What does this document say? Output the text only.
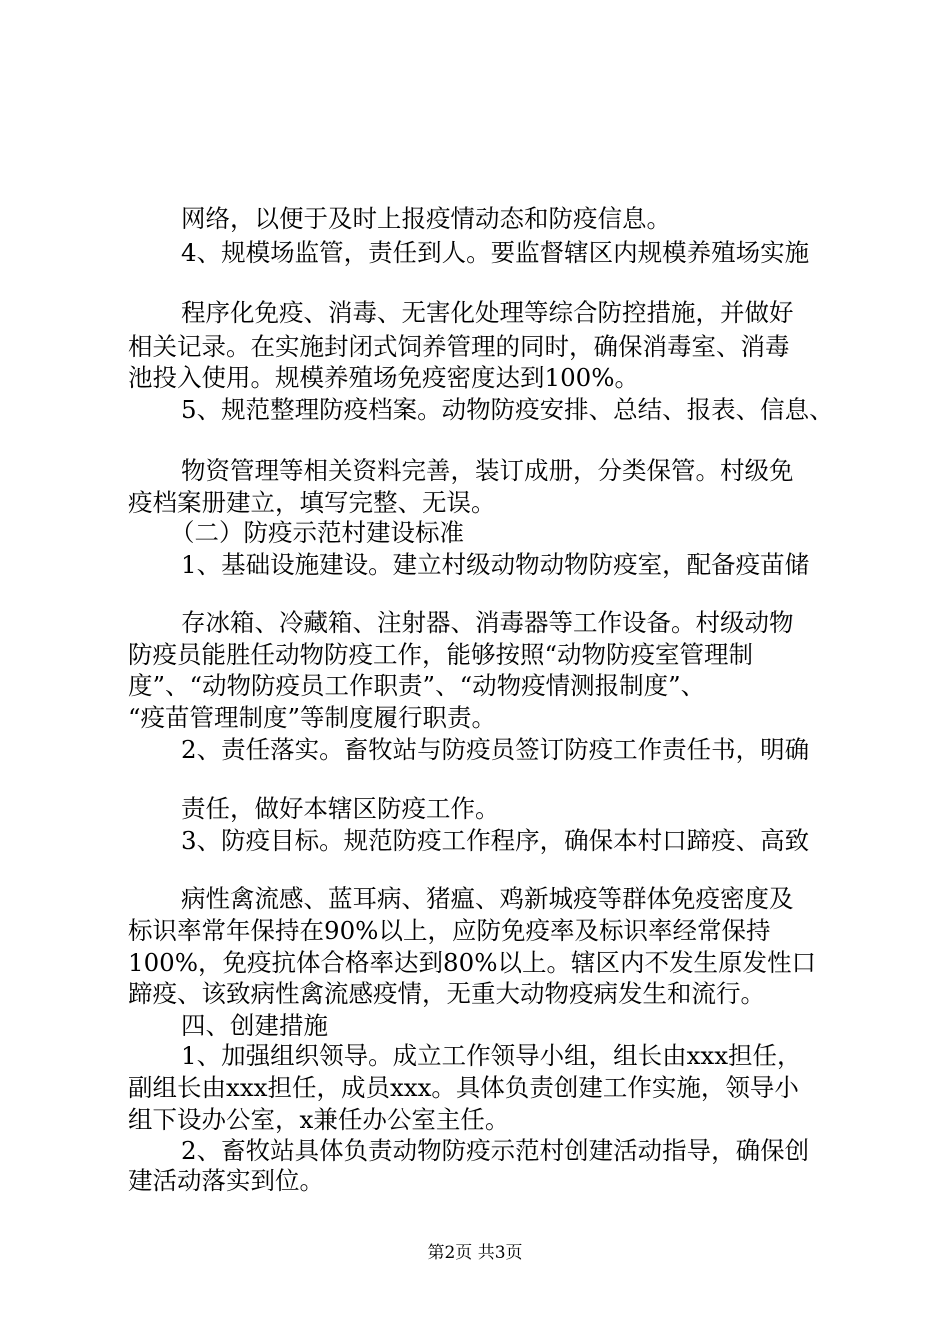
网络，以便于及时上报疫情动态和防疫信息。
4、规模场监管，责任到人。要监督辖区内规模养殖场实施
程序化免疫、消毒、无害化处理等综合防控措施，并做好
相关记录。在实施封闭式饲养管理的同时，确保消毒室、消毒
池投入使用。规模养殖场免疫密度达到100%。
5、规范整理防疫档案。动物防疫安排、总结、报表、信息、
物资管理等相关资料完善，装订成册，分类保管。村级免
疫档案册建立，填写完整、无误。
（二）防疫示范村建设标准
1、基础设施建设。建立村级动物动物防疫室，配备疫苗储
存冰箱、冷藏箱、注射器、消毒器等工作设备。村级动物
防疫员能胜任动物防疫工作，能够按照“动物防疫室管理制
度”、“动物防疫员工作职责”、“动物疫情测报制度”、
“疫苗管理制度”等制度履行职责。
2、责任落实。畜牧站与防疫员签订防疫工作责任书，明确
责任，做好本辖区防疫工作。
3、防疫目标。规范防疫工作程序，确保本村口蹄疫、高致
病性禽流感、蓝耳病、猪瘟、鸡新城疫等群体免疫密度及
标识率常年保持在90%以上，应防免疫率及标识率经常保持
100%，免疫抗体合格率达到80%以上。辖区内不发生原发性口
蹄疫、该致病性禽流感疫情，无重大动物疫病发生和流行。
四、创建措施
1、加强组织领导。成立工作领导小组，组长由xxx担任，
副组长由xxx担任，成员xxx。具体负责创建工作实施，领导小
组下设办公室，x兼任办公室主任。
2、畜牧站具体负责动物防疫示范村创建活动指导，确保创
建活动落实到位。
第2页 共3页
